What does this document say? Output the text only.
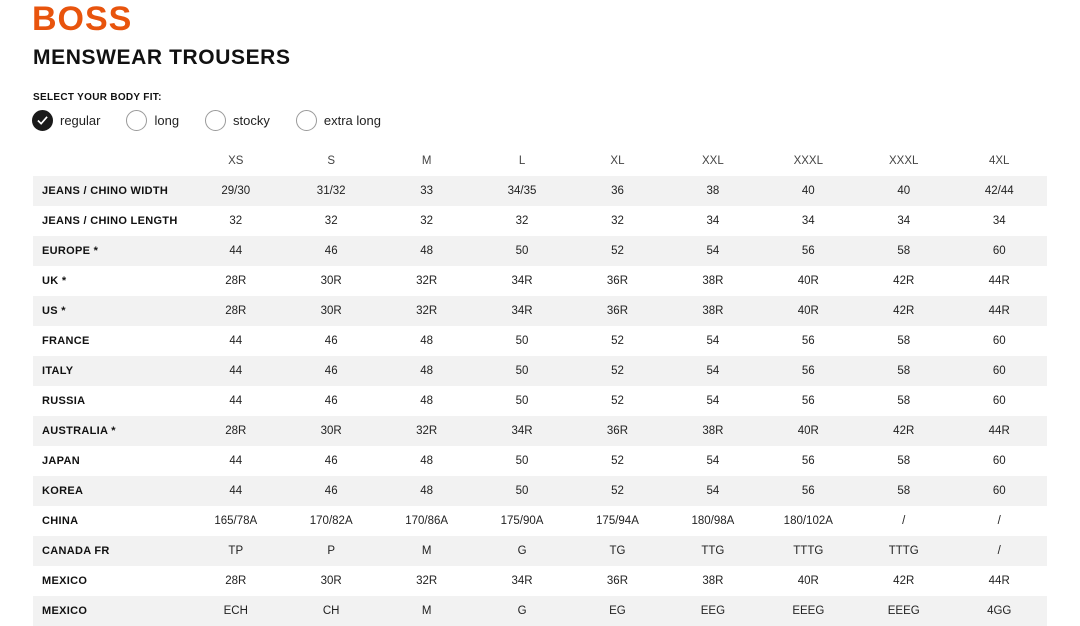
BOSS
MENSWEAR TROUSERS
SELECT YOUR BODY FIT:
regular	long	stocky	extra long
	XS	S	M	L	XL	XXL	XXXL	XXXL	4XL
JEANS / CHINO WIDTH	29/30	31/32	33	34/35	36	38	40	40	42/44
JEANS / CHINO LENGTH	32	32	32	32	32	34	34	34	34
EUROPE *	44	46	48	50	52	54	56	58	60
UK *	28R	30R	32R	34R	36R	38R	40R	42R	44R
US *	28R	30R	32R	34R	36R	38R	40R	42R	44R
FRANCE	44	46	48	50	52	54	56	58	60
ITALY	44	46	48	50	52	54	56	58	60
RUSSIA	44	46	48	50	52	54	56	58	60
AUSTRALIA *	28R	30R	32R	34R	36R	38R	40R	42R	44R
JAPAN	44	46	48	50	52	54	56	58	60
KOREA	44	46	48	50	52	54	56	58	60
CHINA	165/78A	170/82A	170/86A	175/90A	175/94A	180/98A	180/102A	/	/
CANADA FR	TP	P	M	G	TG	TTG	TTTG	TTTG	/
MEXICO	28R	30R	32R	34R	36R	38R	40R	42R	44R
MEXICO	ECH	CH	M	G	EG	EEG	EEEG	EEEG	4GG
